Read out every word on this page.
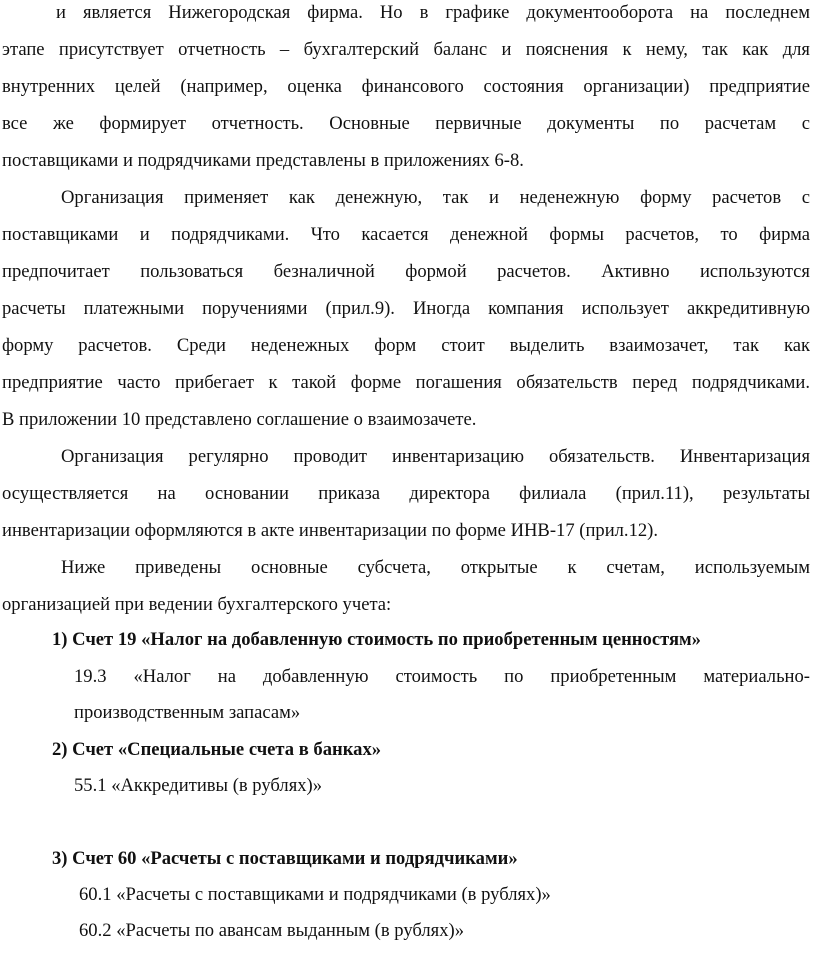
и является Нижегородская фирма. Но в графике документооборота на последнем
этапе присутствует отчетность – бухгалтерский баланс и пояснения к нему, так как для
внутренних целей (например, оценка финансового состояния организации) предприятие
все же формирует отчетность. Основные первичные документы по расчетам с
поставщиками и подрядчиками представлены в приложениях 6-8.
Организация применяет как денежную, так и неденежную форму расчетов с
поставщиками и подрядчиками. Что касается денежной формы расчетов, то фирма
предпочитает пользоваться безналичной формой расчетов. Активно используются
расчеты платежными поручениями (прил.9). Иногда компания использует аккредитивную
форму расчетов. Среди неденежных форм стоит выделить взаимозачет, так как
предприятие часто прибегает к такой форме погашения обязательств перед подрядчиками.
В приложении 10 представлено соглашение о взаимозачете.
Организация регулярно проводит инвентаризацию обязательств. Инвентаризация
осуществляется на основании приказа директора филиала (прил.11), результаты
инвентаризации оформляются в акте инвентаризации по форме ИНВ-17 (прил.12).
Ниже приведены основные субсчета, открытые к счетам, используемым
организацией при ведении бухгалтерского учета:
1) Счет 19 «Налог на добавленную стоимость по приобретенным ценностям»
19.3 «Налог на добавленную стоимость по приобретенным материально-
производственным запасам»
2) Счет «Специальные счета в банках»
55.1 «Аккредитивы (в рублях)»
3) Счет 60 «Расчеты с поставщиками и подрядчиками»
60.1 «Расчеты с поставщиками и подрядчиками (в рублях)»
60.2 «Расчеты по авансам выданным (в рублях)»
